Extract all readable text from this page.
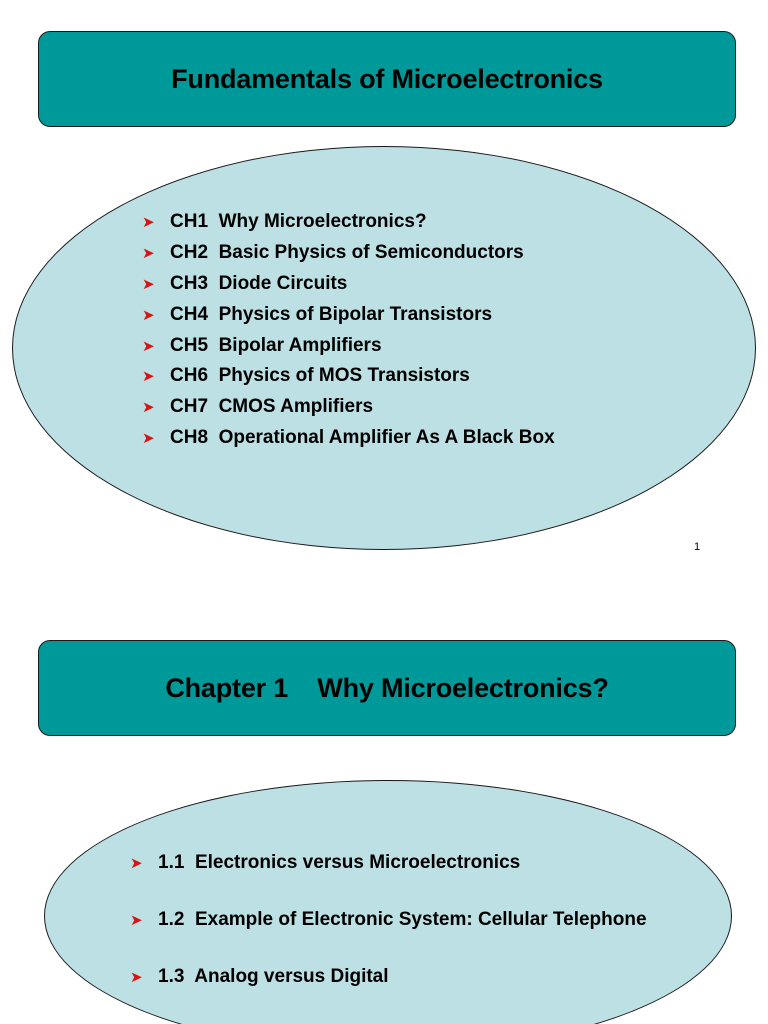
Fundamentals of Microelectronics
➤ CH1  Why Microelectronics?
➤ CH2  Basic Physics of Semiconductors
➤ CH3  Diode Circuits
➤ CH4  Physics of Bipolar Transistors
➤ CH5  Bipolar Amplifiers
➤ CH6  Physics of MOS Transistors
➤ CH7  CMOS Amplifiers
➤ CH8  Operational Amplifier As A Black Box
1
Chapter 1    Why Microelectronics?
➤ 1.1  Electronics versus Microelectronics
➤ 1.2  Example of Electronic System: Cellular Telephone
➤ 1.3  Analog versus Digital
